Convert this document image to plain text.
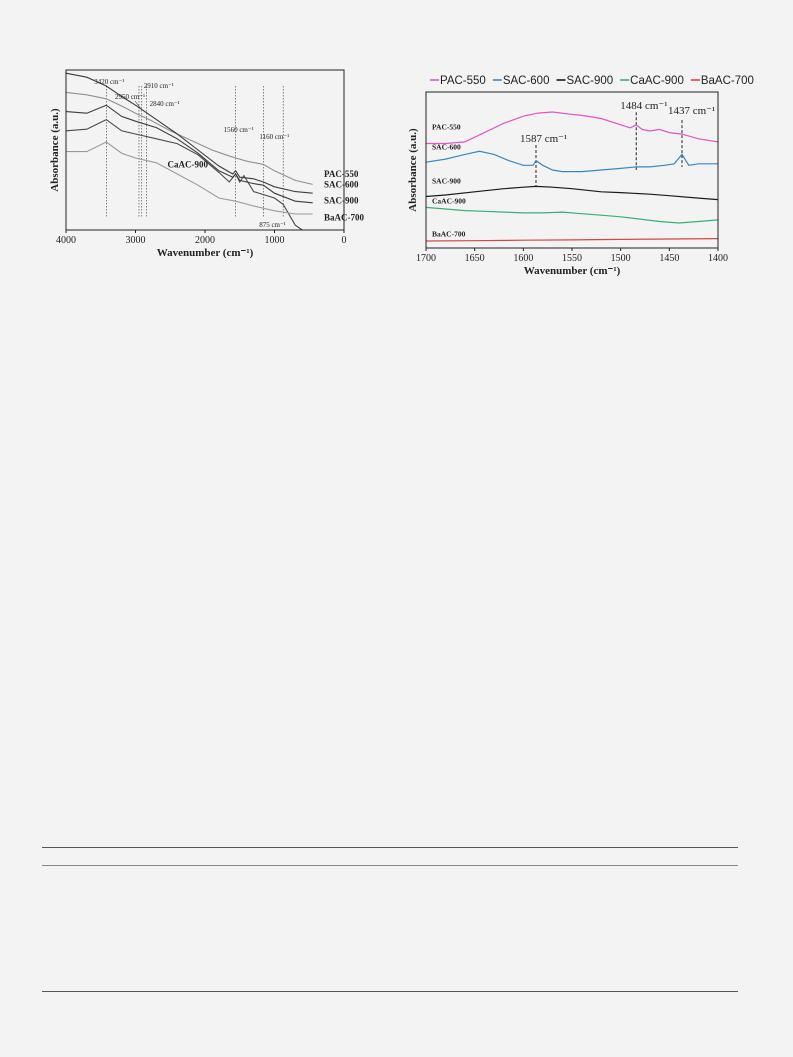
PAC-550
SAC-600
CaAC-900
SAC-900
BaAC-700
3420 cm⁻¹
2950 cm⁻¹
2910 cm⁻¹
2840 cm⁻¹
1560 cm⁻¹
1160 cm⁻¹
875 cm⁻¹
4000	3000	2000	1000	0
Wavenumber (cm⁻¹)
Absorbance (a.u.)
PAC-550 SAC-600 SAC-900 CaAC-900 BaAC-700
PAC-550
SAC-600
SAC-900
CaAC-900
BaAC-700
1587 cm⁻¹
1484 cm⁻¹ 1437 cm⁻¹
1700	1650	1600	1550	1500	1450	1400
Wavenumber (cm⁻¹)
Absorbance (a.u.)
